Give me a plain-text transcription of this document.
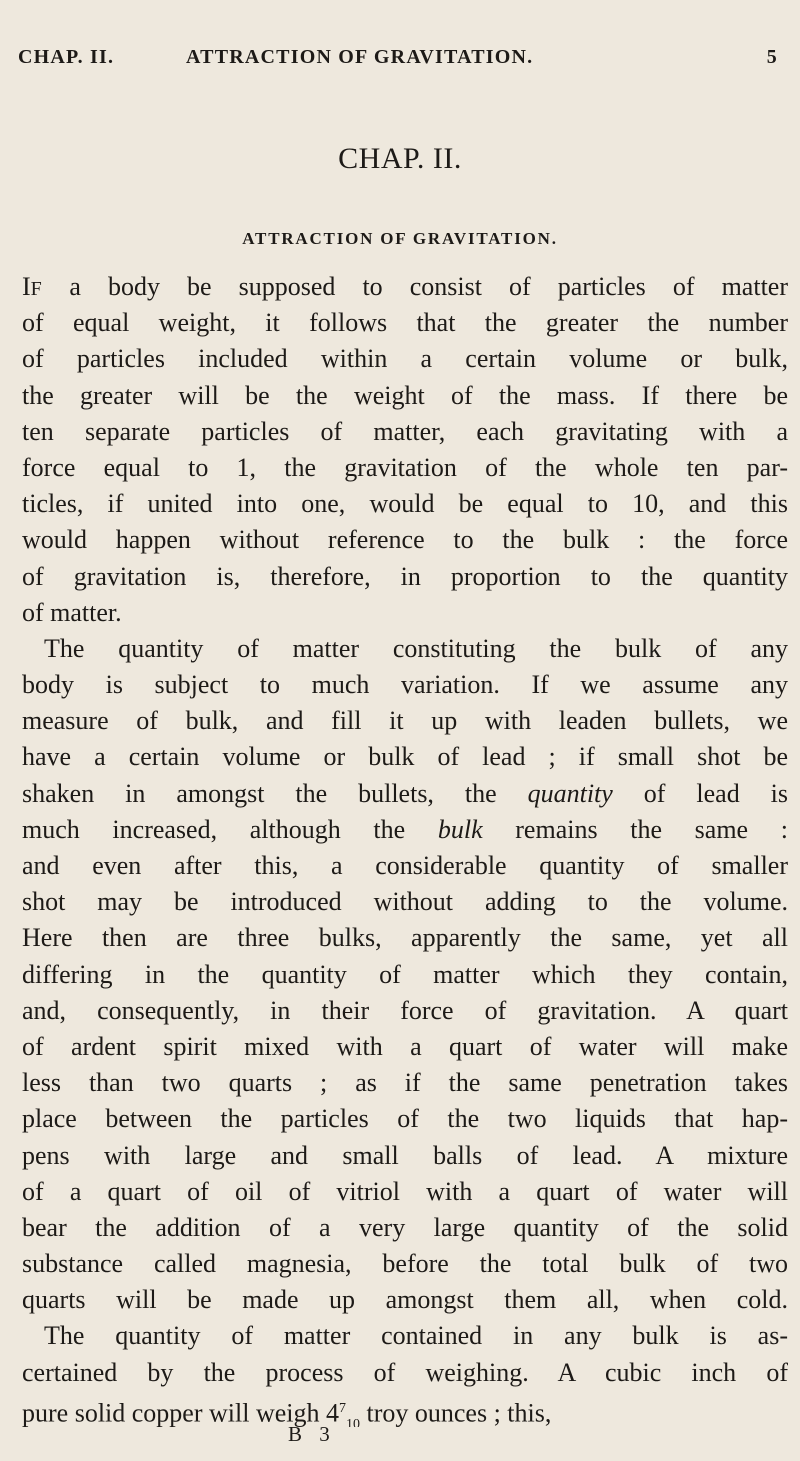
CHAP. II.	ATTRACTION OF GRAVITATION.	5
CHAP. II.
ATTRACTION OF GRAVITATION.
IF a body be supposed to consist of particles of matter
of equal weight, it follows that the greater the number
of particles included within a certain volume or bulk,
the greater will be the weight of the mass. If there be
ten separate particles of matter, each gravitating with a
force equal to 1, the gravitation of the whole ten par-
ticles, if united into one, would be equal to 10, and this
would happen without reference to the bulk : the force
of gravitation is, therefore, in proportion to the quantity
of matter.
The quantity of matter constituting the bulk of any
body is subject to much variation. If we assume any
measure of bulk, and fill it up with leaden bullets, we
have a certain volume or bulk of lead ; if small shot be
shaken in amongst the bullets, the quantity of lead is
much increased, although the bulk remains the same :
and even after this, a considerable quantity of smaller
shot may be introduced without adding to the volume.
Here then are three bulks, apparently the same, yet all
differing in the quantity of matter which they contain,
and, consequently, in their force of gravitation. A quart
of ardent spirit mixed with a quart of water will make
less than two quarts ; as if the same penetration takes
place between the particles of the two liquids that hap-
pens with large and small balls of lead. A mixture
of a quart of oil of vitriol with a quart of water will
bear the addition of a very large quantity of the solid
substance called magnesia, before the total bulk of two
quarts will be made up amongst them all, when cold.
The quantity of matter contained in any bulk is as-
certained by the process of weighing. A cubic inch of
pure solid copper will weigh $4^7_{10}$ troy ounces ; this,
B 3
